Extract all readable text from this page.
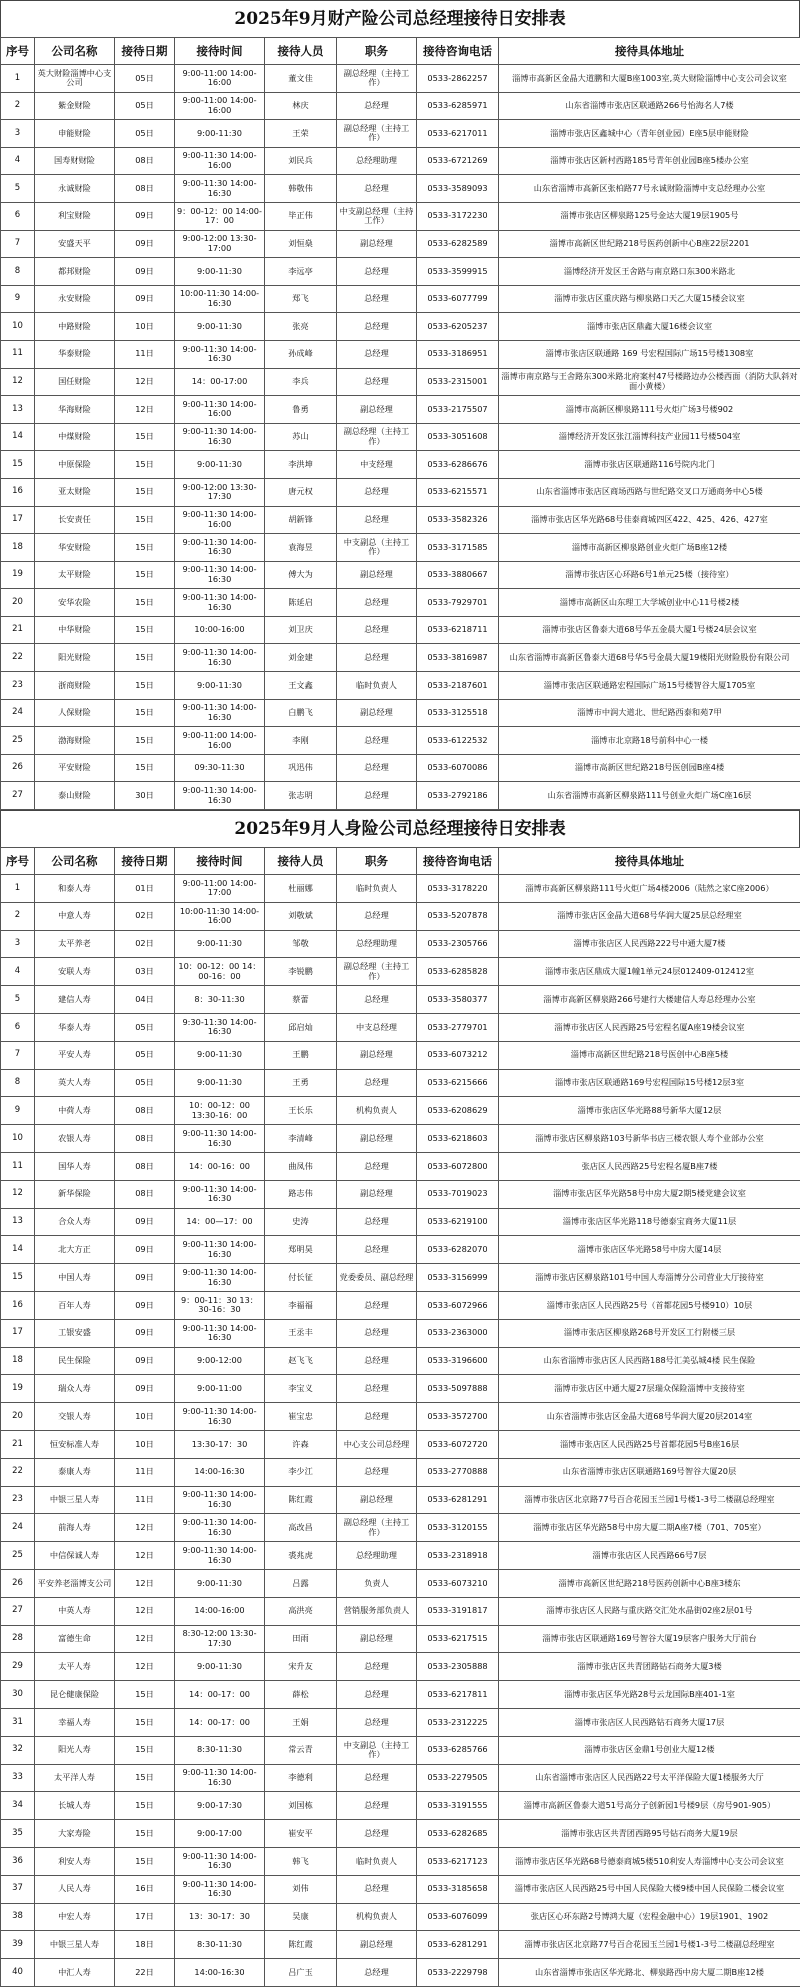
2025年9月财产险公司总经理接待日安排表
序号	公司名称	接待日期	接待时间	接待人员	职务	接待咨询电话	接待具体地址
1	英大财险淄博中心支公司	05日	9:00-11:00 14:00-16:00	董文佳	副总经理（主持工作）	0533-2862257	淄博市高新区金晶大道鹏和大厦B座1003室,英大财险淄博中心支公司会议室
2	紫金财险	05日	9:00-11:00 14:00-16:00	林庆	总经理	0533-6285971	山东省淄博市张店区联通路266号怡海名人7楼
3	申能财险	05日	9:00-11:30	王荣	副总经理（主持工作）	0533-6217011	淄博市张店区鑫城中心（青年创业园）E座5层申能财险
4	国寿财财险	08日	9:00-11:30 14:00-16:00	刘民兵	总经理助理	0533-6721269	淄博市张店区新村西路185号青年创业园B座5楼办公室
5	永诚财险	08日	9:00-11:30 14:00-16:30	韩敬伟	总经理	0533-3589093	山东省淄博市高新区张柏路77号永诚财险淄博中支总经理办公室
6	利宝财险	09日	9：00-12：00 14:00-17：00	毕正伟	中支副总经理（主持工作）	0533-3172230	淄博市张店区柳泉路125号金达大厦19层1905号
7	安盛天平	09日	9:00-12:00 13:30-17:00	刘恒燊	副总经理	0533-6282589	淄博市高新区世纪路218号医药创新中心B座22层2201
8	都邦财险	09日	9:00-11:30	李远亭	总经理	0533-3599915	淄博经济开发区王舍路与南京路口东300米路北
9	永安财险	09日	10:00-11:30 14:00-16:30	郑飞	总经理	0533-6077799	淄博市张店区重庆路与柳泉路口天乙大厦15楼会议室
10	中路财险	10日	9:00-11:30	张亮	总经理	0533-6205237	淄博市张店区鼎鑫大厦16楼会议室
11	华泰财险	11日	9:00-11:30 14:00-16:30	孙成峰	总经理	0533-3186951	淄博市张店区联通路 169 号宏程国际广场15号楼1308室
12	国任财险	12日	14：00-17:00	李兵	总经理	0533-2315001	淄博市南京路与王舍路东300米路北府案村47号楼路边办公楼西面（消防大队斜对面小黄楼）
13	华海财险	12日	9:00-11:30 14:00-16:00	鲁勇	副总经理	0533-2175507	淄博市高新区柳泉路111号火炬广场3号楼902
14	中煤财险	15日	9:00-11:30 14:00-16:30	苏山	副总经理（主持工作）	0533-3051608	淄博经济开发区张江淄博科技产业园11号楼504室
15	中原保险	15日	9:00-11:30	李洪坤	中支经理	0533-6286676	淄博市张店区联通路116号院内北门
16	亚太财险	15日	9:00-12:00 13:30-17:30	唐元权	总经理	0533-6215571	山东省淄博市张店区商场西路与世纪路交叉口万通商务中心5楼
17	长安责任	15日	9:00-11:30 14:00-16:00	胡新锋	总经理	0533-3582326	淄博市张店区华光路68号佳泰商城四区422、425、426、427室
18	华安财险	15日	9:00-11:30 14:00-16:30	袁海昱	中支副总（主持工作）	0533-3171585	淄博市高新区柳泉路创业火炬广场B座12楼
19	太平财险	15日	9:00-11:30 14:00-16:30	傅大为	副总经理	0533-3880667	淄博市张店区心环路6号1单元25楼（接待室）
20	安华农险	15日	9:00-11:30 14:00-16:30	陈延启	总经理	0533-7929701	淄博市高新区山东理工大学城创业中心11号楼2楼
21	中华财险	15日	10:00-16:00	刘卫庆	总经理	0533-6218711	淄博市张店区鲁泰大道68号华五金晨大厦1号楼24层会议室
22	阳光财险	15日	9:00-11:30 14:00-16:30	刘金建	总经理	0533-3816987	山东省淄博市高新区鲁泰大道68号华5号金晨大厦19楼阳光财险股份有限公司
23	浙商财险	15日	9:00-11:30	王文鑫	临时负责人	0533-2187601	淄博市张店区联通路宏程国际广场15号楼智谷大厦1705室
24	人保财险	15日	9:00-11:30 14:00-16:30	白鹏飞	副总经理	0533-3125518	淄博市中润大道北、世纪路西泰和苑7甲
25	渤海财险	15日	9:00-11:00 14:00-16:00	李刚	总经理	0533-6122532	淄博市北京路18号前科中心一楼
26	平安财险	15日	09:30-11:30	巩迅伟	总经理	0533-6070086	淄博市高新区世纪路218号医创园B座4楼
27	泰山财险	30日	9:00-11:30 14:00-16:30	张志明	总经理	0533-2792186	山东省淄博市高新区柳泉路111号创业火炬广场C座16层
2025年9月人身险公司总经理接待日安排表
序号	公司名称	接待日期	接待时间	接待人员	职务	接待咨询电话	接待具体地址
1	和泰人寿	01日	9:00-11:00 14:00-17:00	杜丽娜	临时负责人	0533-3178220	淄博市高新区柳泉路111号火炬广场4楼2006（陆然之家C座2006）
2	中意人寿	02日	10:00-11:30 14:00-16:00	刘敬斌	总经理	0533-5207878	淄博市张店区金晶大道68号华润大厦25层总经理室
3	太平养老	02日	9:00-11:30	邹敬	总经理助理	0533-2305766	淄博市张店区人民西路222号中通大厦7楼
4	安联人寿	03日	10：00-12：00 14：00-16：00	李锐鹏	副总经理（主持工作）	0533-6285828	淄博市张店区鼎成大厦1幢1单元24层012409-012412室
5	建信人寿	04日	8：30-11:30	蔡蕾	总经理	0533-3580377	淄博市高新区柳泉路266号建行大楼建信人寿总经理办公室
6	华泰人寿	05日	9:30-11:30 14:00-16:30	邱启灿	中支总经理	0533-2779701	淄博市张店区人民西路25号宏程名厦A座19楼会议室
7	平安人寿	05日	9:00-11:30	王鹏	副总经理	0533-6073212	淄博市高新区世纪路218号医创中心B座5楼
8	英大人寿	05日	9:00-11:30	王勇	总经理	0533-6215666	淄博市张店区联通路169号宏程国际15号楼12层3室
9	中荷人寿	08日	10：00-12：00 13:30-16：00	王长乐	机构负责人	0533-6208629	淄博市张店区华光路88号新华大厦12层
10	农银人寿	08日	9:00-11:30 14:00-16:30	李清峰	副总经理	0533-6218603	淄博市张店区柳泉路103号新华书店三楼农银人寿个业部办公室
11	国华人寿	08日	14：00-16：00	曲凤伟	总经理	0533-6072800	张店区人民西路25号宏程名厦B座7楼
12	新华保险	08日	9:00-11:30 14:00-16:30	路志伟	副总经理	0533-7019023	淄博市张店区华光路58号中房大厦2期5楼党建会议室
13	合众人寿	09日	14：00—17：00	史涛	总经理	0533-6219100	淄博市张店区华光路118号德泰宝商务大厦11层
14	北大方正	09日	9:00-11:30 14:00-16:30	郑明昊	总经理	0533-6282070	淄博市张店区华光路58号中房大厦14层
15	中国人寿	09日	9:00-11:30 14:00-16:30	付长征	党委委员、副总经理	0533-3156999	淄博市张店区柳泉路101号中国人寿淄博分公司营业大厅接待室
16	百年人寿	09日	9：00-11：30 13：30-16：30	李福福	总经理	0533-6072966	淄博市张店区人民西路25号（首都花园5号楼910）10层
17	工银安盛	09日	9:00-11:30 14:00-16:30	王丞丰	总经理	0533-2363000	淄博市张店区柳泉路268号开发区工行附楼三层
18	民生保险	09日	9:00-12:00	赵飞飞	总经理	0533-3196600	山东省淄博市张店区人民西路188号汇美弘城4楼 民生保险
19	瑞众人寿	09日	9:00-11:00	李宝义	总经理	0533-5097888	淄博市张店区中通大厦27层瑞众保险淄博中支接待室
20	交银人寿	10日	9:00-11:30 14:00-16:30	崔宝忠	总经理	0533-3572700	山东省淄博市张店区金晶大道68号华润大厦20层2014室
21	恒安标准人寿	10日	13:30-17：30	许森	中心支公司总经理	0533-6072720	淄博市张店区人民西路25号首都花园5号B座16层
22	泰康人寿	11日	14:00-16:30	李少江	总经理	0533-2770888	山东省淄博市张店区联通路169号智谷大厦20层
23	中银三星人寿	11日	9:00-11:30 14:00-16:30	陈红霞	副总经理	0533-6281291	淄博市张店区北京路77号百合花园玉兰园1号楼1-3号二楼副总经理室
24	前海人寿	12日	9:00-11:30 14:00-16:30	高改昌	副总经理（主持工作）	0533-3120155	淄博市张店区华光路58号中房大厦二期A座7楼（701、705室）
25	中信保诚人寿	12日	9:00-11:30 14:00-16:30	裘兆虎	总经理助理	0533-2318918	淄博市张店区人民西路66号7层
26	平安养老淄博支公司	12日	9:00-11:30	吕露	负责人	0533-6073210	淄博市高新区世纪路218号医药创新中心B座3楼东
27	中英人寿	12日	14:00-16:00	高洪亮	营销服务部负责人	0533-3191817	淄博市张店区人民路与重庆路交汇处水晶街02座2层01号
28	富德生命	12日	8:30-12:00 13:30-17:30	田雨	副总经理	0533-6217515	淄博市张店区联通路169号智谷大厦19层客户服务大厅前台
29	太平人寿	12日	9:00-11:30	宋升友	总经理	0533-2305888	淄博市张店区共青团路钻石商务大厦3楼
30	昆仑健康保险	15日	14：00-17：00	薛松	总经理	0533-6217811	淄博市张店区华光路28号云龙国际B座401-1室
31	幸福人寿	15日	14：00-17：00	王娟	总经理	0533-2312225	淄博市张店区人民西路钻石商务大厦17层
32	阳光人寿	15日	8:30-11:30	常云青	中支副总（主持工作）	0533-6285766	淄博市张店区金鼎1号创业大厦12楼
33	太平洋人寿	15日	9:00-11:30 14:00-16:30	李德利	总经理	0533-2279505	山东省淄博市张店区人民西路22号太平洋保险大厦1楼服务大厅
34	长城人寿	15日	9:00-17:30	刘国栋	总经理	0533-3191555	淄博市高新区鲁泰大道51号高分子创新园1号楼9层（房号901-905）
35	大家寿险	15日	9:00-17:00	崔安平	总经理	0533-6282685	淄博市张店区共青团西路95号钻石商务大厦19层
36	利安人寿	15日	9:00-11:30 14:00-16:30	韩飞	临时负责人	0533-6217123	淄博市张店区华光路68号德泰商城5楼510利安人寿淄博中心支公司会议室
37	人民人寿	16日	9:00-11:30 14:00-16:30	刘伟	总经理	0533-3185658	淄博市张店区人民西路25号中国人民保险大楼9楼中国人民保险二楼会议室
38	中宏人寿	17日	13：30-17：30	吴康	机构负责人	0533-6076099	张店区心环东路2号博鸿大厦（宏程金融中心）19层1901、1902
39	中银三星人寿	18日	8:30-11:30	陈红霞	副总经理	0533-6281291	淄博市张店区北京路77号百合花园玉兰园1号楼1-3号二楼副总经理室
40	中汇人寿	22日	14:00-16:30	吕广玉	总经理	0533-2229798	山东省淄博市张店区华光路北、柳泉路西中房大厦二期B座12楼
